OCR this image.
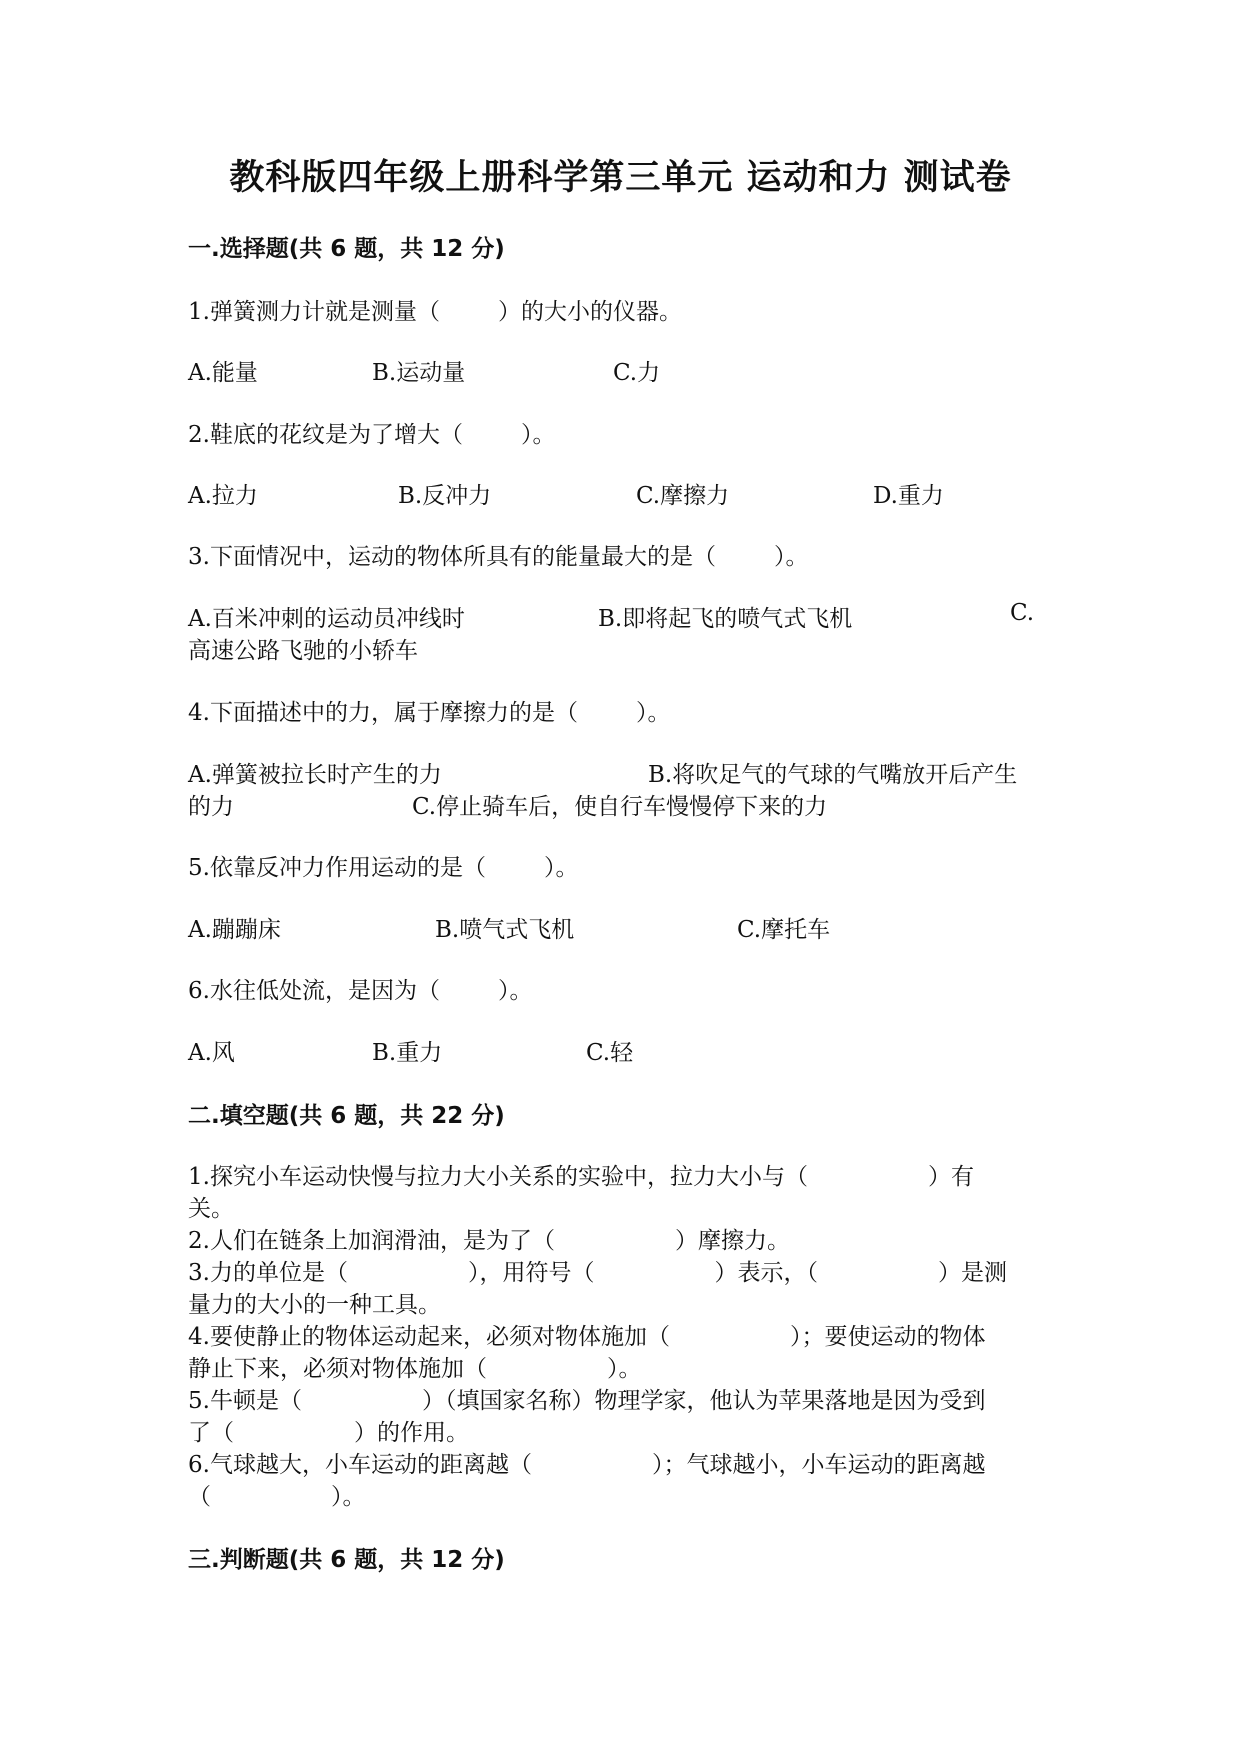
教科版四年级上册科学第三单元 运动和力 测试卷
一.选择题(共 6 题，共 12 分)
1.弹簧测力计就是测量（	）的大小的仪器。
A.能量	B.运动量	C.力
2.鞋底的花纹是为了增大（	）。
A.拉力	B.反冲力	C.摩擦力	D.重力
3.下面情况中，运动的物体所具有的能量最大的是（	）。
A.百米冲刺的运动员冲线时	B.即将起飞的喷气式飞机	C.
高速公路飞驰的小轿车
4.下面描述中的力，属于摩擦力的是（	）。
A.弹簧被拉长时产生的力	B.将吹足气的气球的气嘴放开后产生
的力	C.停止骑车后，使自行车慢慢停下来的力
5.依靠反冲力作用运动的是（	）。
A.蹦蹦床	B.喷气式飞机	C.摩托车
6.水往低处流，是因为（	）。
A.风	B.重力	C.轻
二.填空题(共 6 题，共 22 分)
1.探究小车运动快慢与拉力大小关系的实验中，拉力大小与（	）有
关。
2.人们在链条上加润滑油，是为了（	）摩擦力。
3.力的单位是（	），用符号（	）表示，（	）是测
量力的大小的一种工具。
4.要使静止的物体运动起来，必须对物体施加（	）；要使运动的物体
静止下来，必须对物体施加（	）。
5.牛顿是（	）（填国家名称）物理学家，他认为苹果落地是因为受到
了（	）的作用。
6.气球越大，小车运动的距离越（	）；气球越小，小车运动的距离越
（	）。
三.判断题(共 6 题，共 12 分)
